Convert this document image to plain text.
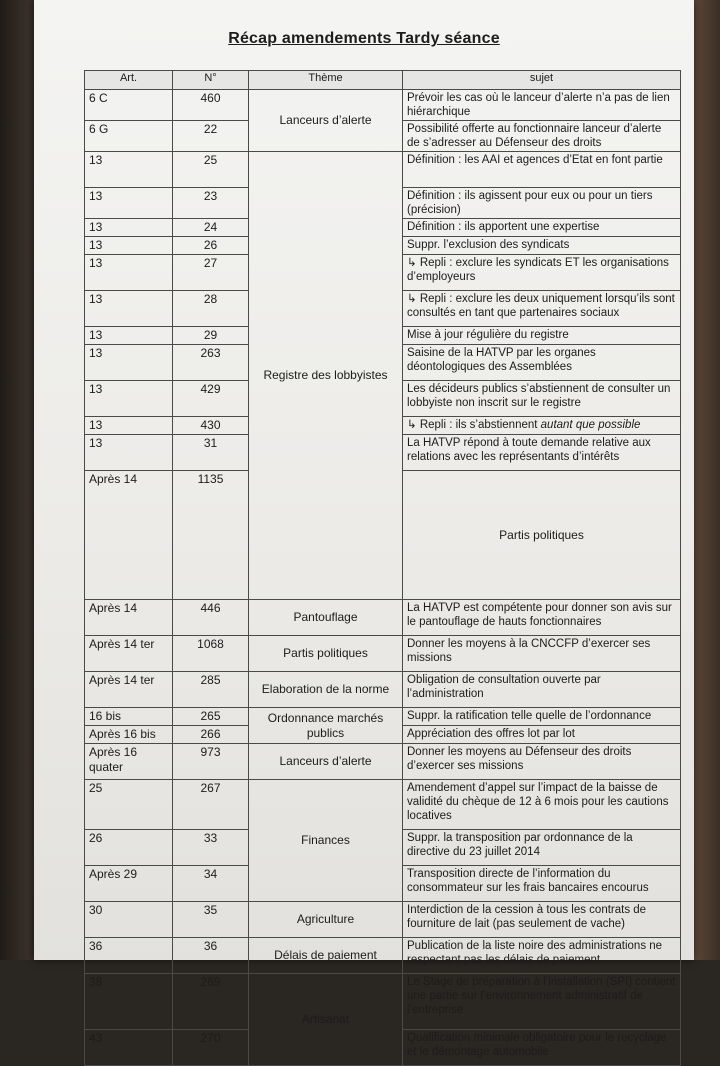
Récap amendements Tardy séance
Art.	N°	Thème	sujet	
6 C	460	Lanceurs d’alerte	Prévoir les cas où le lanceur d’alerte n’a pas de lien hiérarchique	
6 G	22		Possibilité offerte au fonctionnaire lanceur d’alerte de s’adresser au Défenseur des droits	
13	25	Registre des lobbyistes	Définition : les AAI et agences d’Etat en font partie	
13	23		Définition : ils agissent pour eux ou pour un tiers (précision)	
13	24		Définition : ils apportent une expertise	
13	26		Suppr. l’exclusion des syndicats	
13	27		↳ Repli : exclure les syndicats ET les organisations d’employeurs	
13	28		↳ Repli : exclure les deux uniquement lorsqu’ils sont consultés en tant que partenaires sociaux	
13	29		Mise à jour régulière du registre	
13	263		Saisine de la HATVP par les organes déontologiques des Assemblées	
13	429		Les décideurs publics s’abstiennent de consulter un lobbyiste non inscrit sur le registre	
13	430		↳ Repli : ils s’abstiennent autant que possible	
13	31		La HATVP répond à toute demande relative aux relations avec les représentants d’intérêts	
Après 14	1135		Partis politiques	
Après 14	446	Pantouflage	La HATVP est compétente pour donner son avis sur le pantouflage de hauts fonctionnaires	
Après 14 ter	1068	Partis politiques	Donner les moyens à la CNCCFP d’exercer ses missions	
Après 14 ter	285	Elaboration de la norme	Obligation de consultation ouverte par l’administration	
16 bis	265	Ordonnance marchés publics	Suppr. la ratification telle quelle de l’ordonnance	
Après 16 bis	266		Appréciation des offres lot par lot	
Après 16 quater	973	Lanceurs d’alerte	Donner les moyens au Défenseur des droits d’exercer ses missions	
25	267	Finances	Amendement d’appel sur l’impact de la baisse de validité du chèque de 12 à 6 mois pour les cautions locatives	
26	33		Suppr. la transposition par ordonnance de la directive du 23 juillet 2014	
Après 29	34		Transposition directe de l’information du consommateur sur les frais bancaires encourus	
30	35	Agriculture	Interdiction de la cession à tous les contrats de fourniture de lait (pas seulement de vache)	
36	36	Délais de paiement	Publication de la liste noire des administrations ne respectant pas les délais de paiement	
38	269	Artisanat	Le Stage de préparation à l’installation (SPI) contient une partie sur l’environnement administratif de l’entreprise	
43	270		Qualification minimale obligatoire pour le recyclage et le démontage automobile	
